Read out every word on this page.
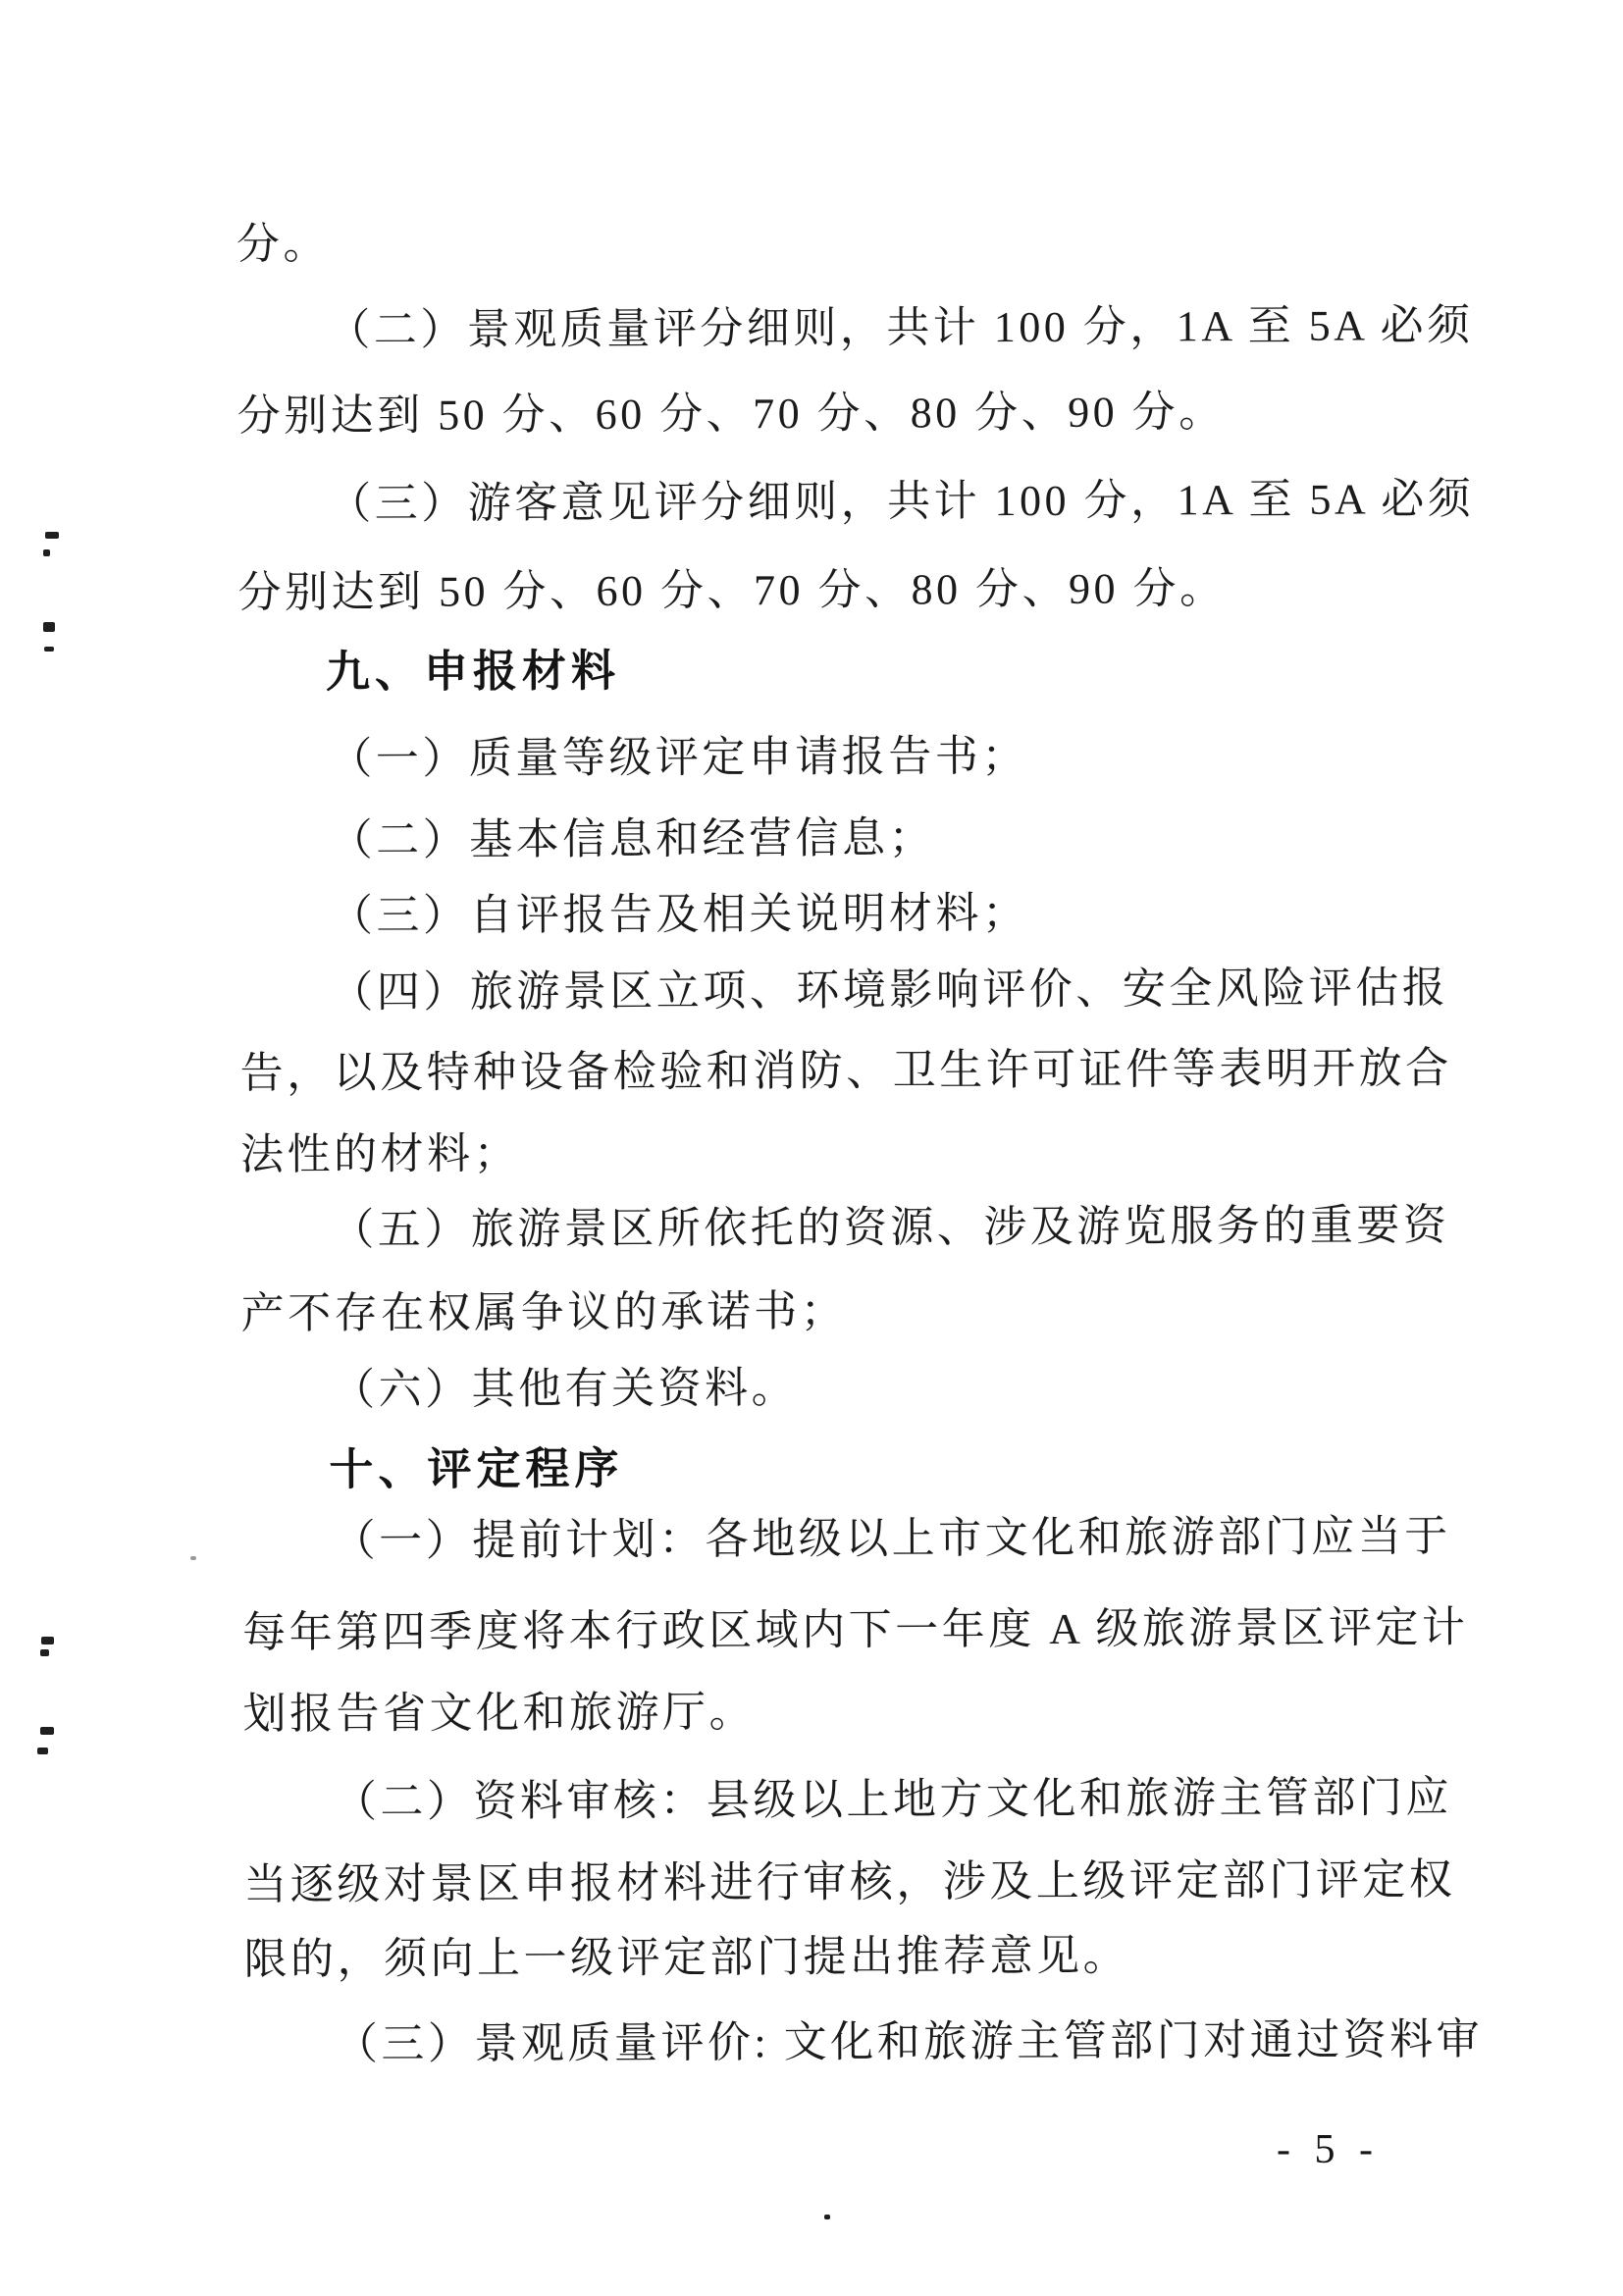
分。
（二）景观质量评分细则，共计 100 分，1A 至 5A 必须
分别达到 50 分、60 分、70 分、80 分、90 分。
（三）游客意见评分细则，共计 100 分，1A 至 5A 必须
分别达到 50 分、60 分、70 分、80 分、90 分。
九、申报材料
（一）质量等级评定申请报告书；
（二）基本信息和经营信息；
（三）自评报告及相关说明材料；
（四）旅游景区立项、环境影响评价、安全风险评估报
告，以及特种设备检验和消防、卫生许可证件等表明开放合
法性的材料；
（五）旅游景区所依托的资源、涉及游览服务的重要资
产不存在权属争议的承诺书；
（六）其他有关资料。
十、评定程序
（一）提前计划：各地级以上市文化和旅游部门应当于
每年第四季度将本行政区域内下一年度 A 级旅游景区评定计
划报告省文化和旅游厅。
（二）资料审核：县级以上地方文化和旅游主管部门应
当逐级对景区申报材料进行审核，涉及上级评定部门评定权
限的，须向上一级评定部门提出推荐意见。
（三）景观质量评价: 文化和旅游主管部门对通过资料审
- 5 -
